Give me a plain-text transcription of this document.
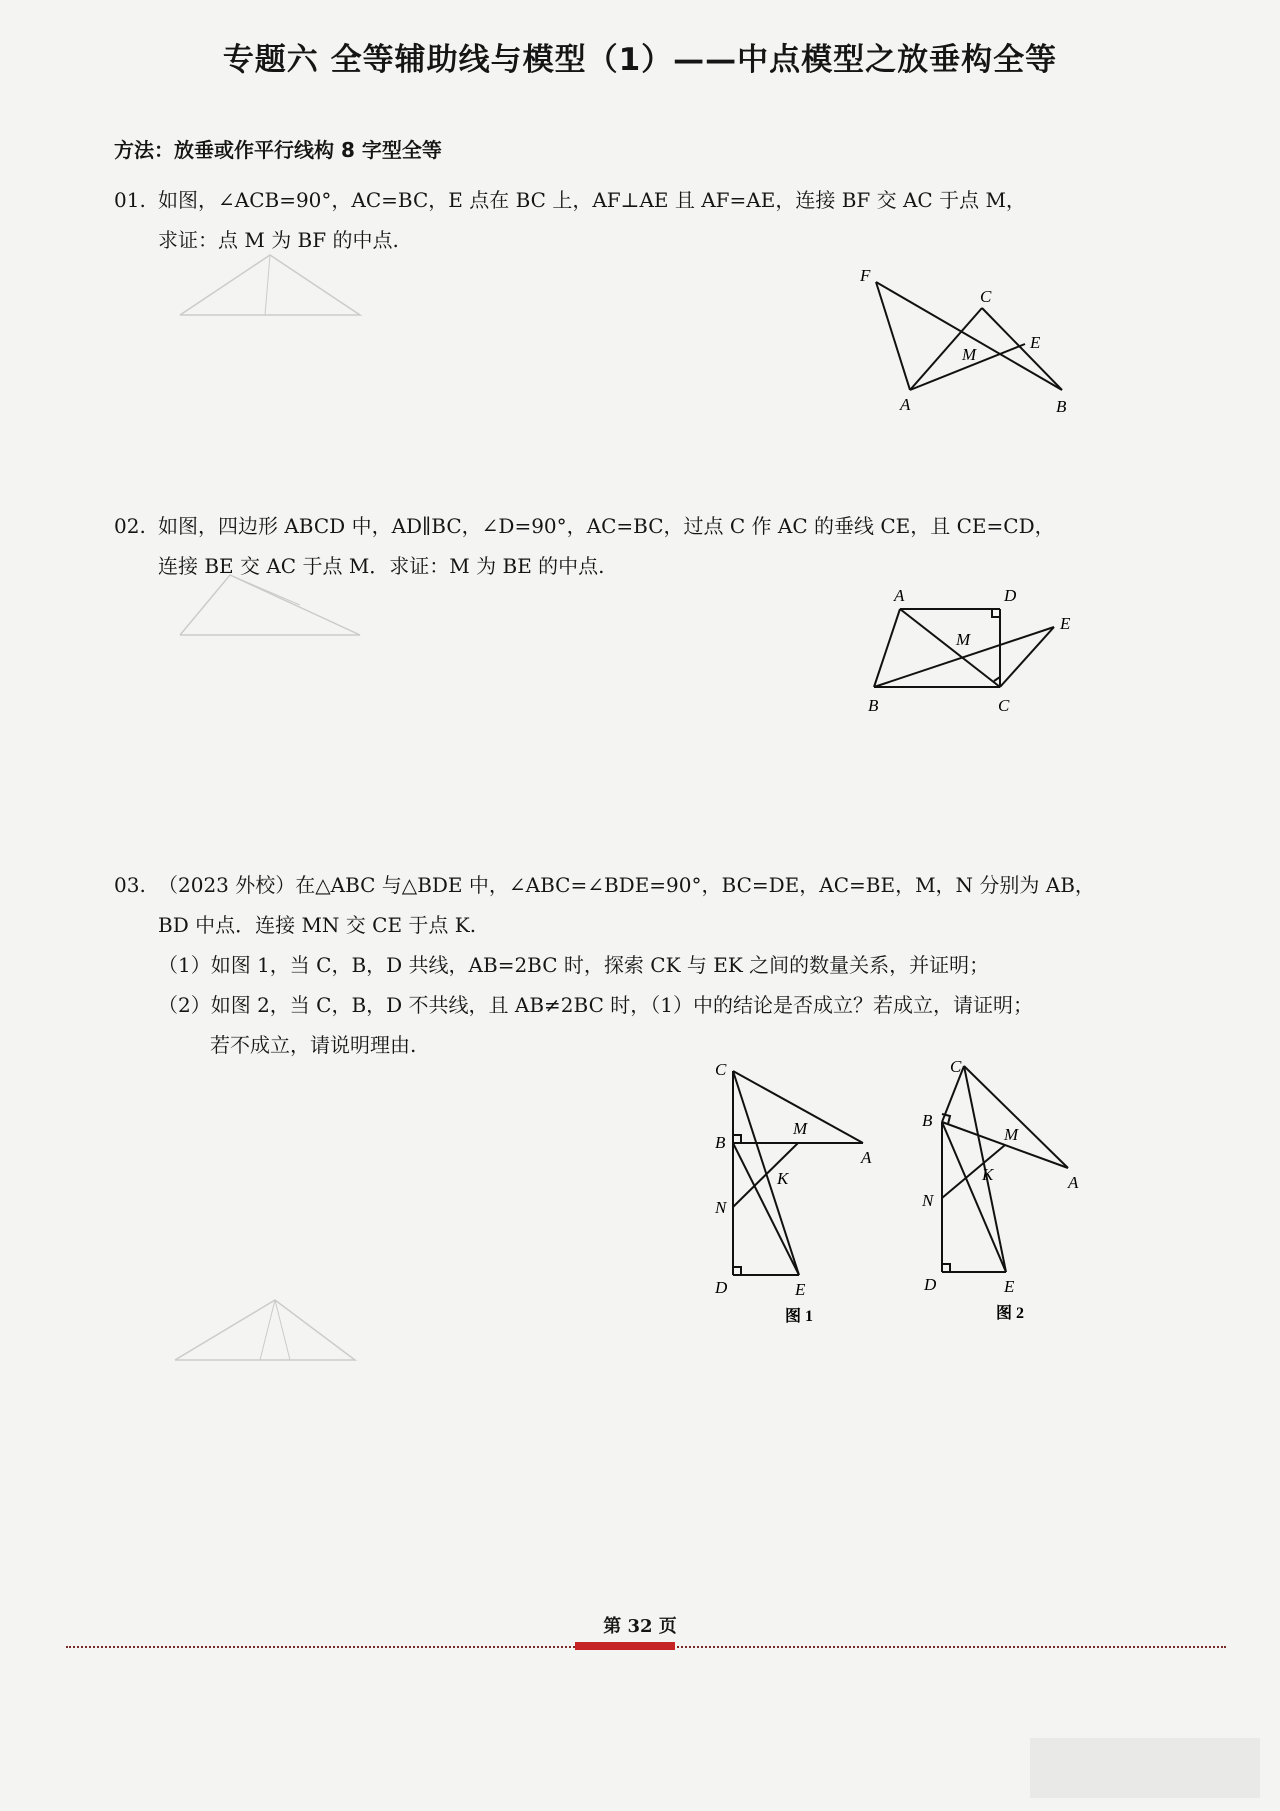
专题六 全等辅助线与模型（1）——中点模型之放垂构全等
方法：放垂或作平行线构 8 字型全等
01. 如图，∠ACB=90°，AC=BC，E 点在 BC 上，AF⊥AE 且 AF=AE，连接 BF 交 AC 于点 M，
求证：点 M 为 BF 的中点.
F
C
M
E
A	B
02. 如图，四边形 ABCD 中，AD∥BC，∠D=90°，AC=BC，过点 C 作 AC 的垂线 CE，且 CE=CD，
连接 BE 交 AC 于点 M．求证：M 为 BE 的中点.
A	D
M
E
B	C
03. （2023 外校）在△ABC 与△BDE 中，∠ABC=∠BDE=90°，BC=DE，AC=BE，M，N 分别为 AB，
BD 中点．连接 MN 交 CE 于点 K.
（1）如图 1，当 C，B，D 共线，AB=2BC 时，探索 CK 与 EK 之间的数量关系，并证明；
（2）如图 2，当 C，B，D 不共线，且 AB≠2BC 时，（1）中的结论是否成立？若成立，请证明；
若不成立，请说明理由.
C
B
M
A
K
N
D	E
图 1
C
B
M
A
K
N
D	E
图 2
第 32 页
